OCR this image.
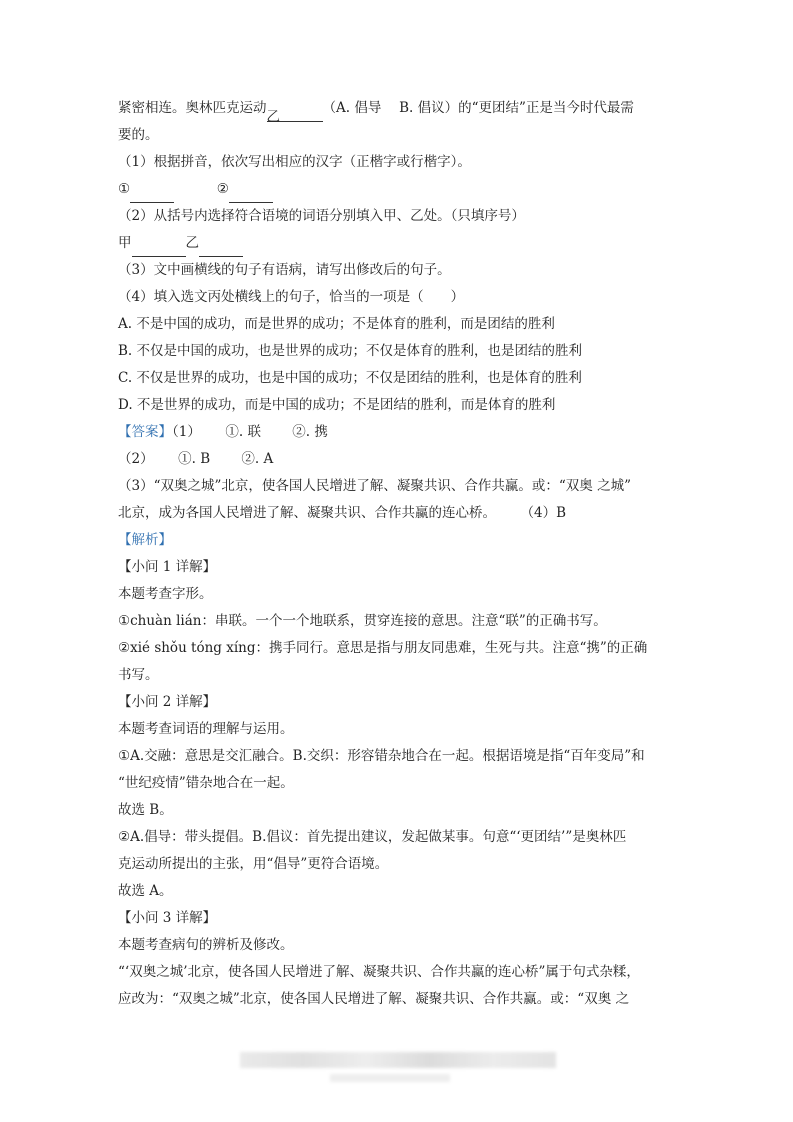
紧密相连。奥林匹克运动乙（A. 倡导　 B. 倡议）的“更团结”正是当今时代最需
要的。
（1）根据拼音，依次写出相应的汉字（正楷字或行楷字）。
①	②
（2）从括号内选择符合语境的词语分别填入甲、乙处。（只填序号）
甲	乙
（3）文中画横线的句子有语病，请写出修改后的句子。
（4）填入选文丙处横线上的句子，恰当的一项是（　　）
A. 不是中国的成功，而是世界的成功；不是体育的胜利，而是团结的胜利
B. 不仅是中国的成功，也是世界的成功；不仅是体育的胜利，也是团结的胜利
C. 不仅是世界的成功，也是中国的成功；不仅是团结的胜利，也是体育的胜利
D. 不是世界的成功，而是中国的成功；不是团结的胜利，而是体育的胜利
【答案】（1）　　 ①. 联　　 ②. 携
（2）　　 ①. B　　 ②. A
（3）“双奥之城”北京，使各国人民增进了解、凝聚共识、合作共赢。或：“双奥 之城”
北京，成为各国人民增进了解、凝聚共识、合作共赢的连心桥。　　 （4）B
【解析】
【小问 1 详解】
本题考查字形。
①chuàn lián：串联。一个一个地联系，贯穿连接的意思。注意“联”的正确书写。
②xié shǒu tóng xíng：携手同行。意思是指与朋友同患难，生死与共。注意“携”的正确
书写。
【小问 2 详解】
本题考查词语的理解与运用。
①A.交融：意思是交汇融合。B.交织：形容错杂地合在一起。根据语境是指“百年变局”和
“世纪疫情”错杂地合在一起。
故选 B。
②A.倡导：带头提倡。B.倡议：首先提出建议，发起做某事。句意“‘更团结’”是奥林匹
克运动所提出的主张，用“倡导”更符合语境。
故选 A。
【小问 3 详解】
本题考查病句的辨析及修改。
“‘双奥之城’北京，使各国人民增进了解、凝聚共识、合作共赢的连心桥”属于句式杂糅，
应改为：“双奥之城”北京，使各国人民增进了解、凝聚共识、合作共赢。或：“双奥 之
